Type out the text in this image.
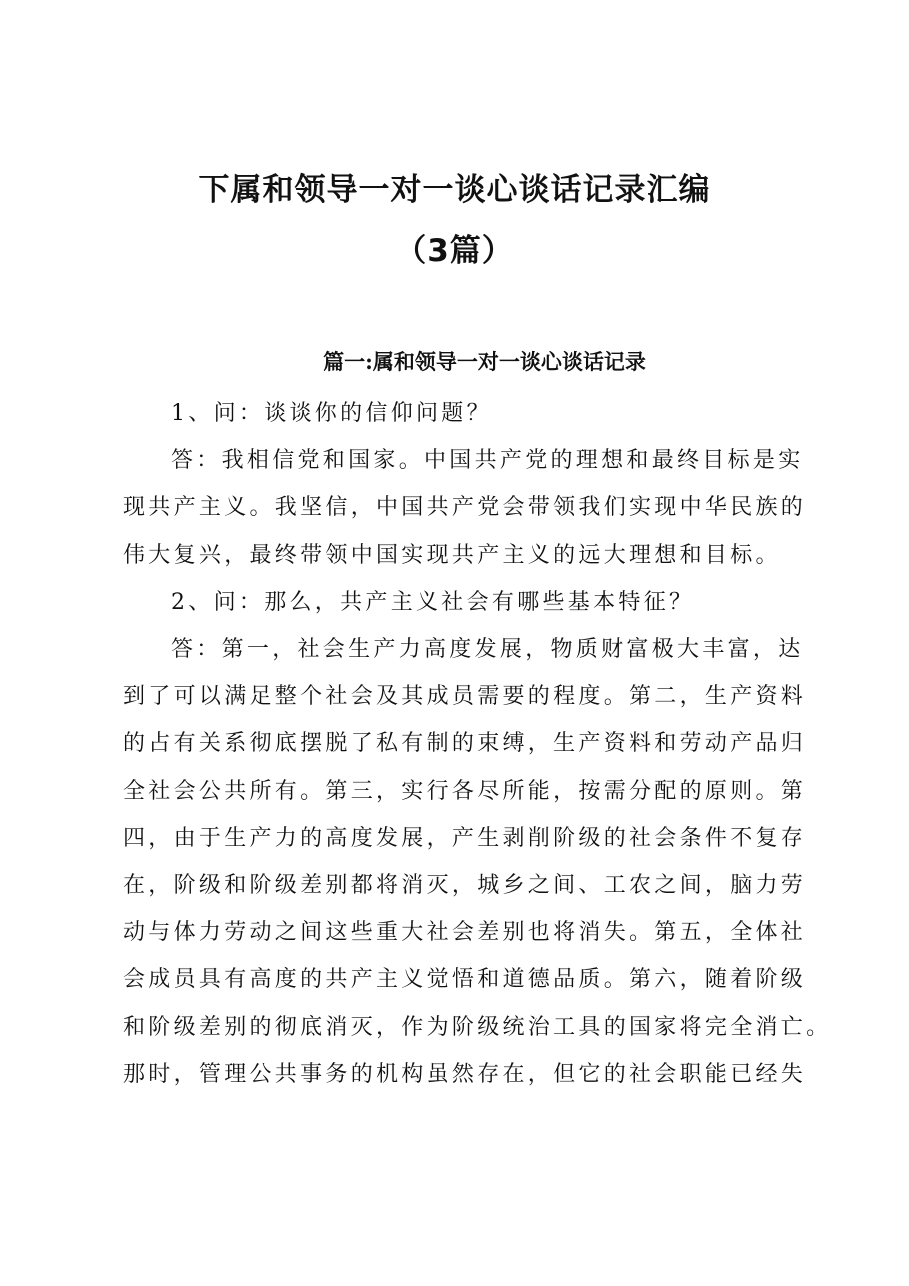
下属和领导一对一谈心谈话记录汇编
（3篇）
篇一:属和领导一对一谈心谈话记录
1、问：谈谈你的信仰问题？
答：我相信党和国家。中国共产党的理想和最终目标是实
现共产主义。我坚信，中国共产党会带领我们实现中华民族的
伟大复兴，最终带领中国实现共产主义的远大理想和目标。
2、问：那么，共产主义社会有哪些基本特征？
答：第一，社会生产力高度发展，物质财富极大丰富，达
到了可以满足整个社会及其成员需要的程度。第二，生产资料
的占有关系彻底摆脱了私有制的束缚，生产资料和劳动产品归
全社会公共所有。第三，实行各尽所能，按需分配的原则。第
四，由于生产力的高度发展，产生剥削阶级的社会条件不复存
在，阶级和阶级差别都将消灭，城乡之间、工农之间，脑力劳
动与体力劳动之间这些重大社会差别也将消失。第五，全体社
会成员具有高度的共产主义觉悟和道德品质。第六，随着阶级
和阶级差别的彻底消灭，作为阶级统治工具的国家将完全消亡。
那时，管理公共事务的机构虽然存在，但它的社会职能已经失
